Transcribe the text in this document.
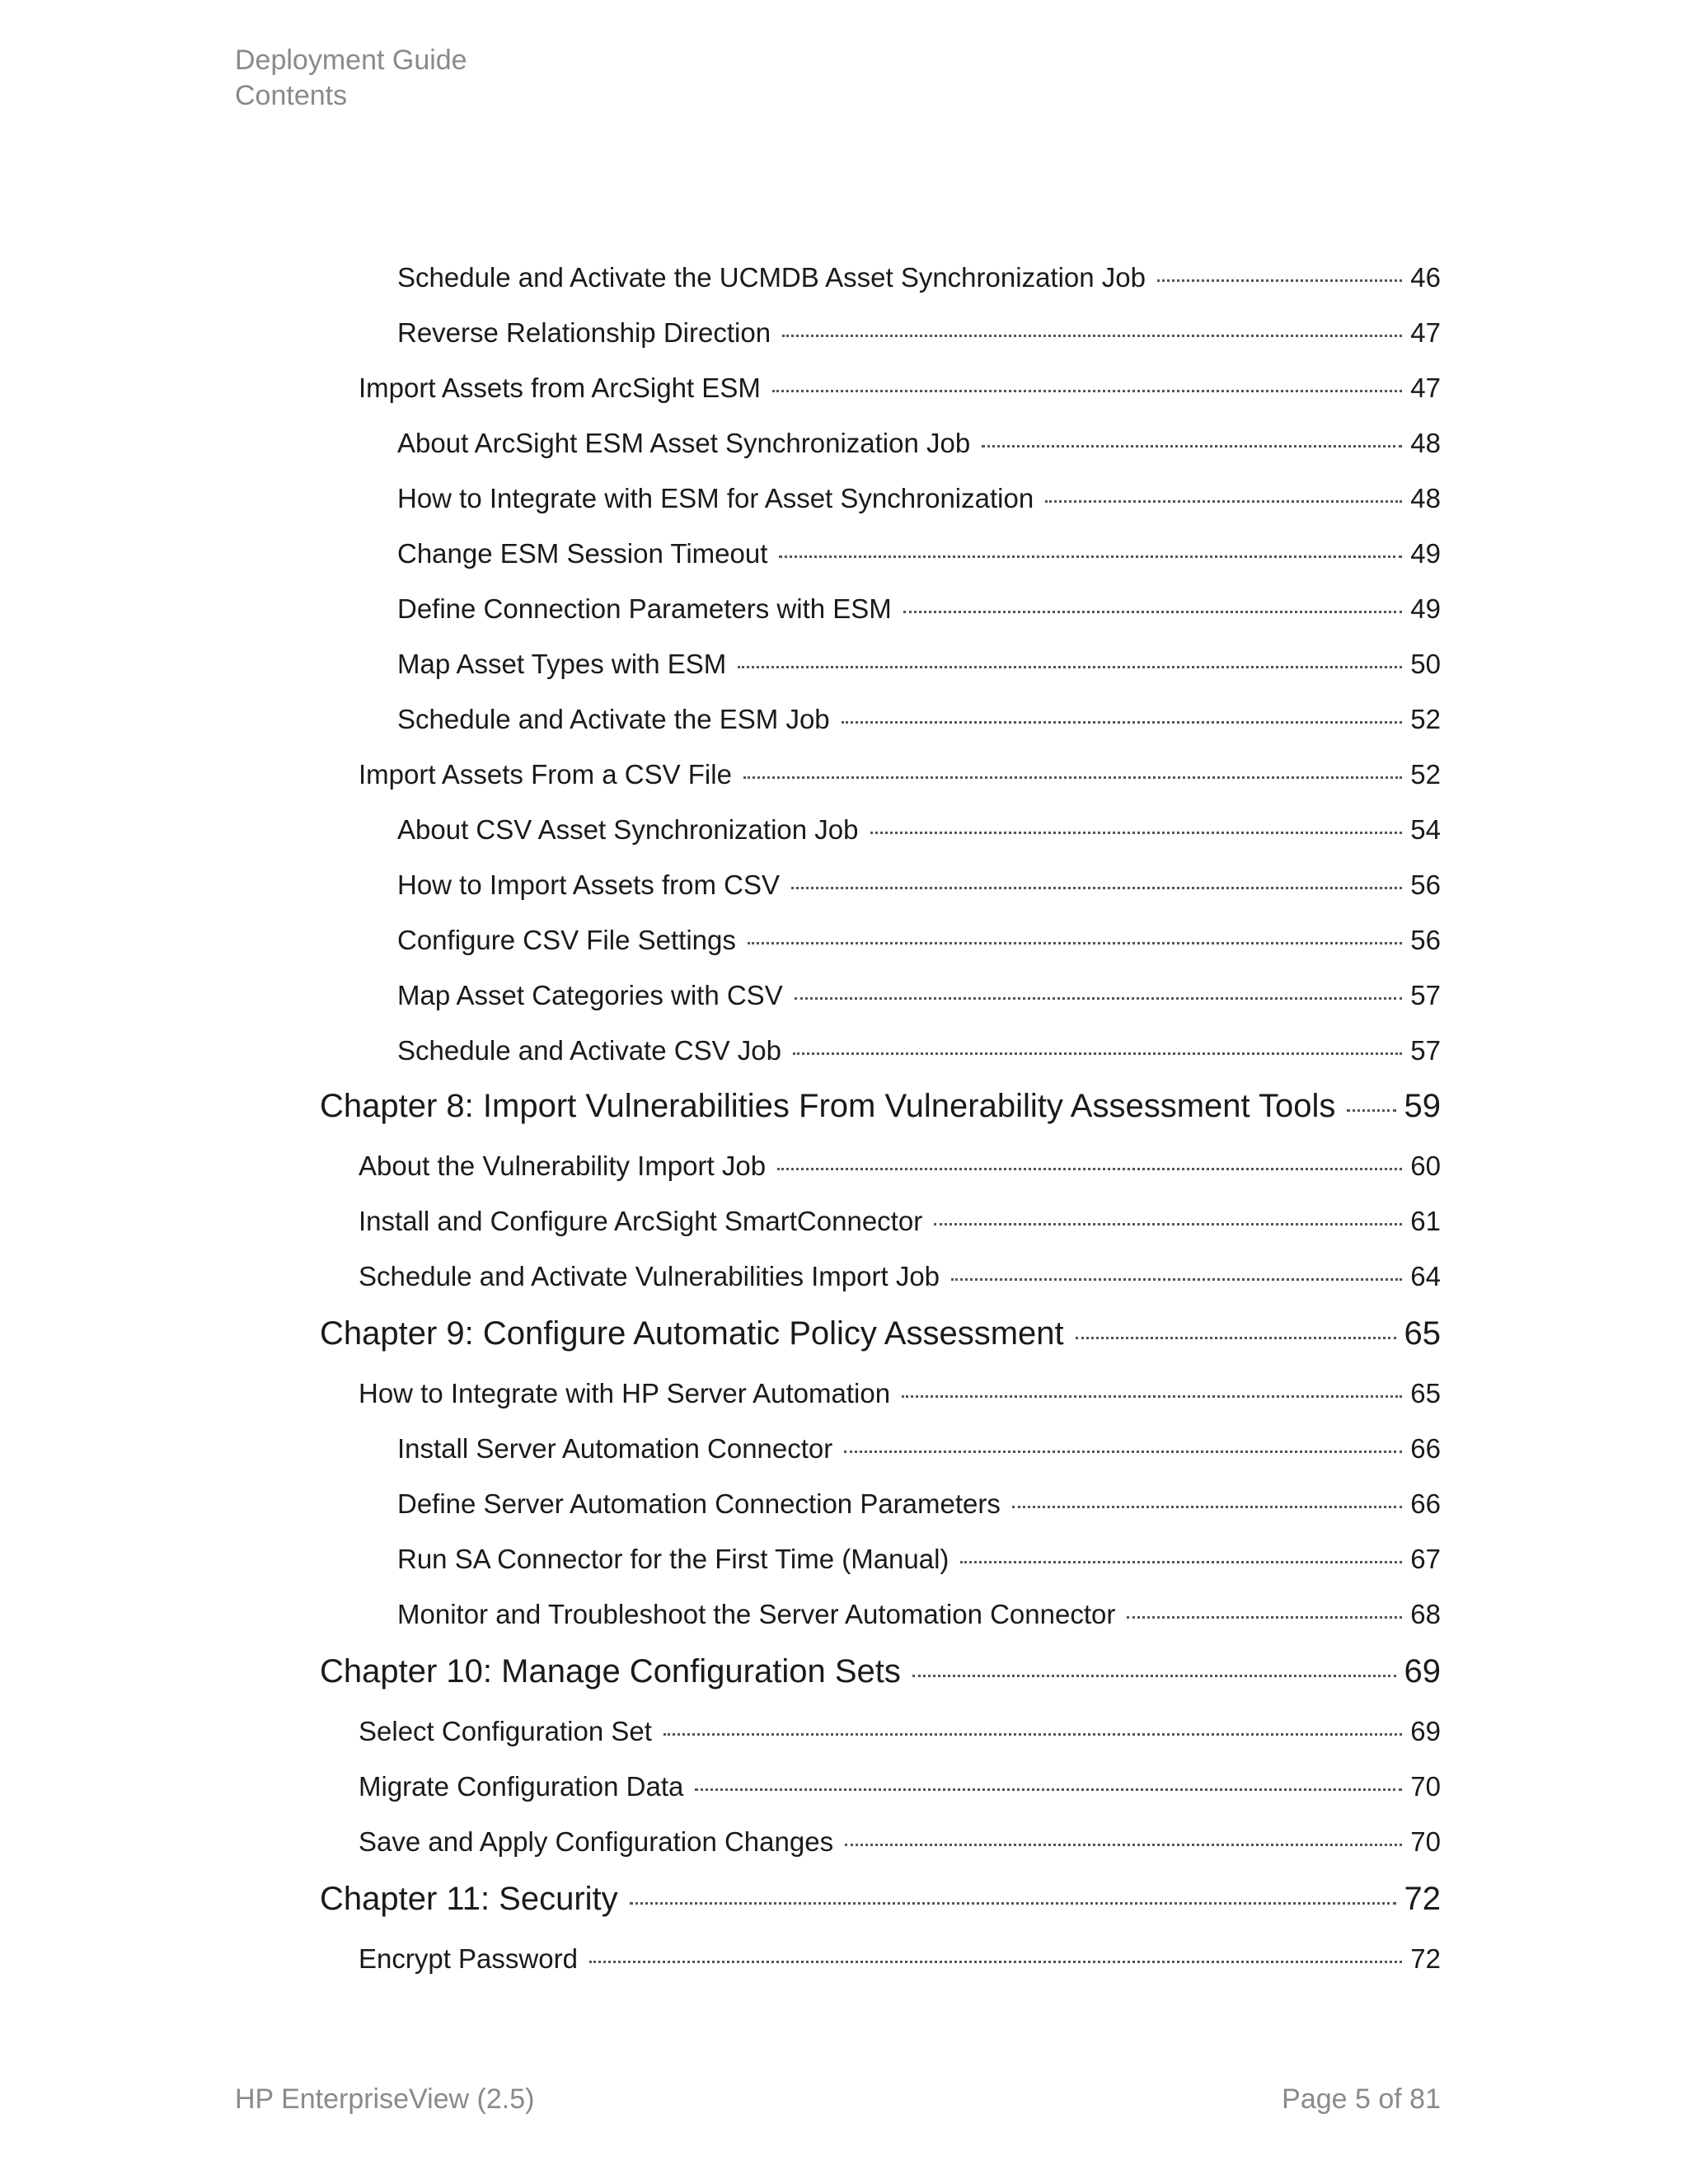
Deployment Guide
Contents
Schedule and Activate the UCMDB Asset Synchronization Job	46
Reverse Relationship Direction	47
Import Assets from ArcSight ESM	47
About ArcSight ESM Asset Synchronization Job	48
How to Integrate with ESM for Asset Synchronization	48
Change ESM Session Timeout	49
Define Connection Parameters with ESM	49
Map Asset Types with ESM	50
Schedule and Activate the ESM Job	52
Import Assets From a CSV File	52
About CSV Asset Synchronization Job	54
How to Import Assets from CSV	56
Configure CSV File Settings	56
Map Asset Categories with CSV	57
Schedule and Activate CSV Job	57
Chapter 8: Import Vulnerabilities From Vulnerability Assessment Tools 59
About the Vulnerability Import Job	60
Install and Configure ArcSight SmartConnector	61
Schedule and Activate Vulnerabilities Import Job	64
Chapter 9: Configure Automatic Policy Assessment	65
How to Integrate with HP Server Automation	65
Install Server Automation Connector	66
Define Server Automation Connection Parameters	66
Run SA Connector for the First Time (Manual)	67
Monitor and Troubleshoot the Server Automation Connector	68
Chapter 10: Manage Configuration Sets	69
Select Configuration Set	69
Migrate Configuration Data	70
Save and Apply Configuration Changes	70
Chapter 11: Security	72
Encrypt Password	72
HP EnterpriseView (2.5)	Page 5 of 81
